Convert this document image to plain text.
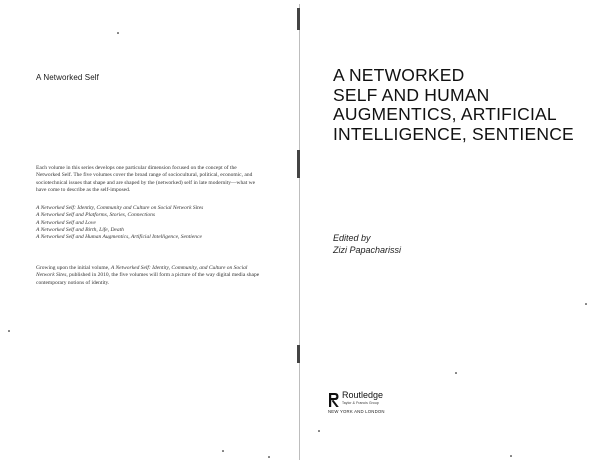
A Networked Self
Each volume in this series develops one particular dimension focused on the concept of the Networked Self. The five volumes cover the broad range of sociocultural, political, economic, and sociotechnical issues that shape and are shaped by the (networked) self in late modernity—what we have come to describe as the self-imposed.
A Networked Self: Identity, Community and Culture on Social Network Sites
A Networked Self and Platforms, Stories, Connections
A Networked Self and Love
A Networked Self and Birth, Life, Death
A Networked Self and Human Augmentics, Artificial Intelligence, Sentience
Growing upon the initial volume, A Networked Self: Identity, Community, and Culture on Social Network Sites, published in 2010, the five volumes will form a picture of the way digital media shape contemporary notions of identity.
A NETWORKED
SELF AND HUMAN
AUGMENTICS, ARTIFICIAL
INTELLIGENCE, SENTIENCE
Edited by
Zizi Papacharissi
Routledge
Taylor & Francis Group
NEW YORK AND LONDON
